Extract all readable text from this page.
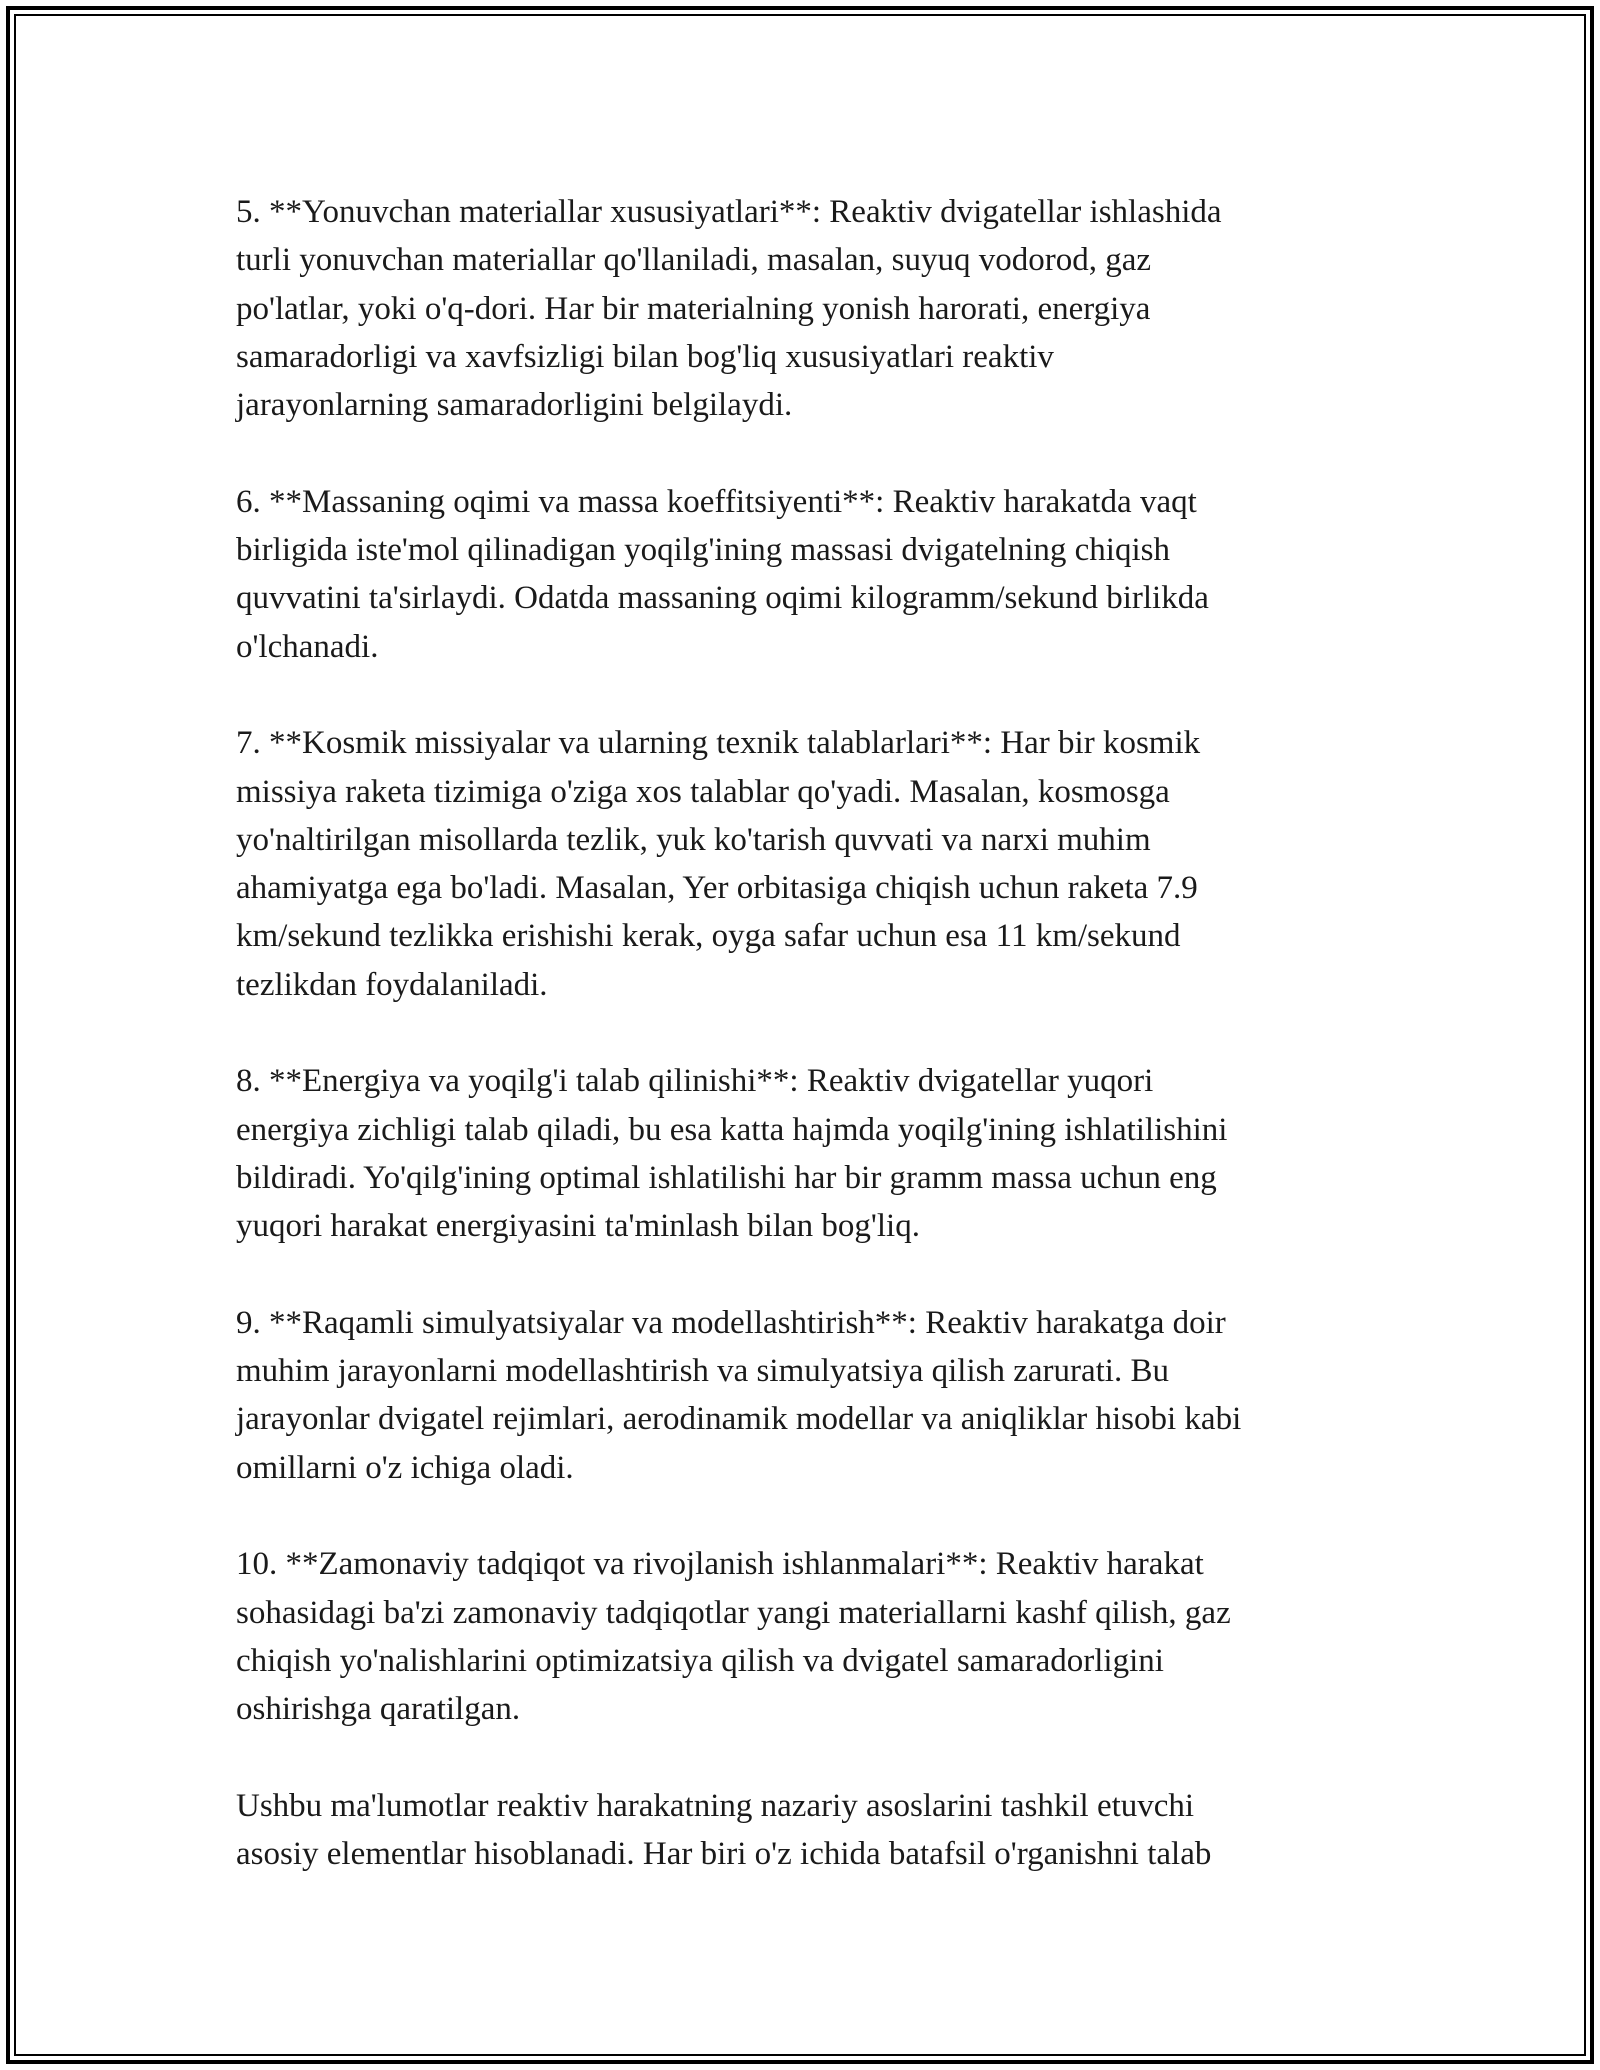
5. **Yonuvchan materiallar xususiyatlari**: Reaktiv dvigatellar ishlashida
turli yonuvchan materiallar qo'llaniladi, masalan, suyuq vodorod, gaz
po'latlar, yoki o'q-dori. Har bir materialning yonish harorati, energiya
samaradorligi va xavfsizligi bilan bog'liq xususiyatlari reaktiv
jarayonlarning samaradorligini belgilaydi.

6. **Massaning oqimi va massa koeffitsiyenti**: Reaktiv harakatda vaqt
birligida iste'mol qilinadigan yoqilg'ining massasi dvigatelning chiqish
quvvatini ta'sirlaydi. Odatda massaning oqimi kilogramm/sekund birlikda
o'lchanadi.

7. **Kosmik missiyalar va ularning texnik talablarlari**: Har bir kosmik
missiya raketa tizimiga o'ziga xos talablar qo'yadi. Masalan, kosmosga
yo'naltirilgan misollarda tezlik, yuk ko'tarish quvvati va narxi muhim
ahamiyatga ega bo'ladi. Masalan, Yer orbitasiga chiqish uchun raketa 7.9
km/sekund tezlikka erishishi kerak, oyga safar uchun esa 11 km/sekund
tezlikdan foydalaniladi.

8. **Energiya va yoqilg'i talab qilinishi**: Reaktiv dvigatellar yuqori
energiya zichligi talab qiladi, bu esa katta hajmda yoqilg'ining ishlatilishini
bildiradi. Yo'qilg'ining optimal ishlatilishi har bir gramm massa uchun eng
yuqori harakat energiyasini ta'minlash bilan bog'liq.

9. **Raqamli simulyatsiyalar va modellashtirish**: Reaktiv harakatga doir
muhim jarayonlarni modellashtirish va simulyatsiya qilish zarurati. Bu
jarayonlar dvigatel rejimlari, aerodinamik modellar va aniqliklar hisobi kabi
omillarni o'z ichiga oladi.

10. **Zamonaviy tadqiqot va rivojlanish ishlanmalari**: Reaktiv harakat
sohasidagi ba'zi zamonaviy tadqiqotlar yangi materiallarni kashf qilish, gaz
chiqish yo'nalishlarini optimizatsiya qilish va dvigatel samaradorligini
oshirishga qaratilgan.

Ushbu ma'lumotlar reaktiv harakatning nazariy asoslarini tashkil etuvchi
asosiy elementlar hisoblanadi. Har biri o'z ichida batafsil o'rganishni talab
